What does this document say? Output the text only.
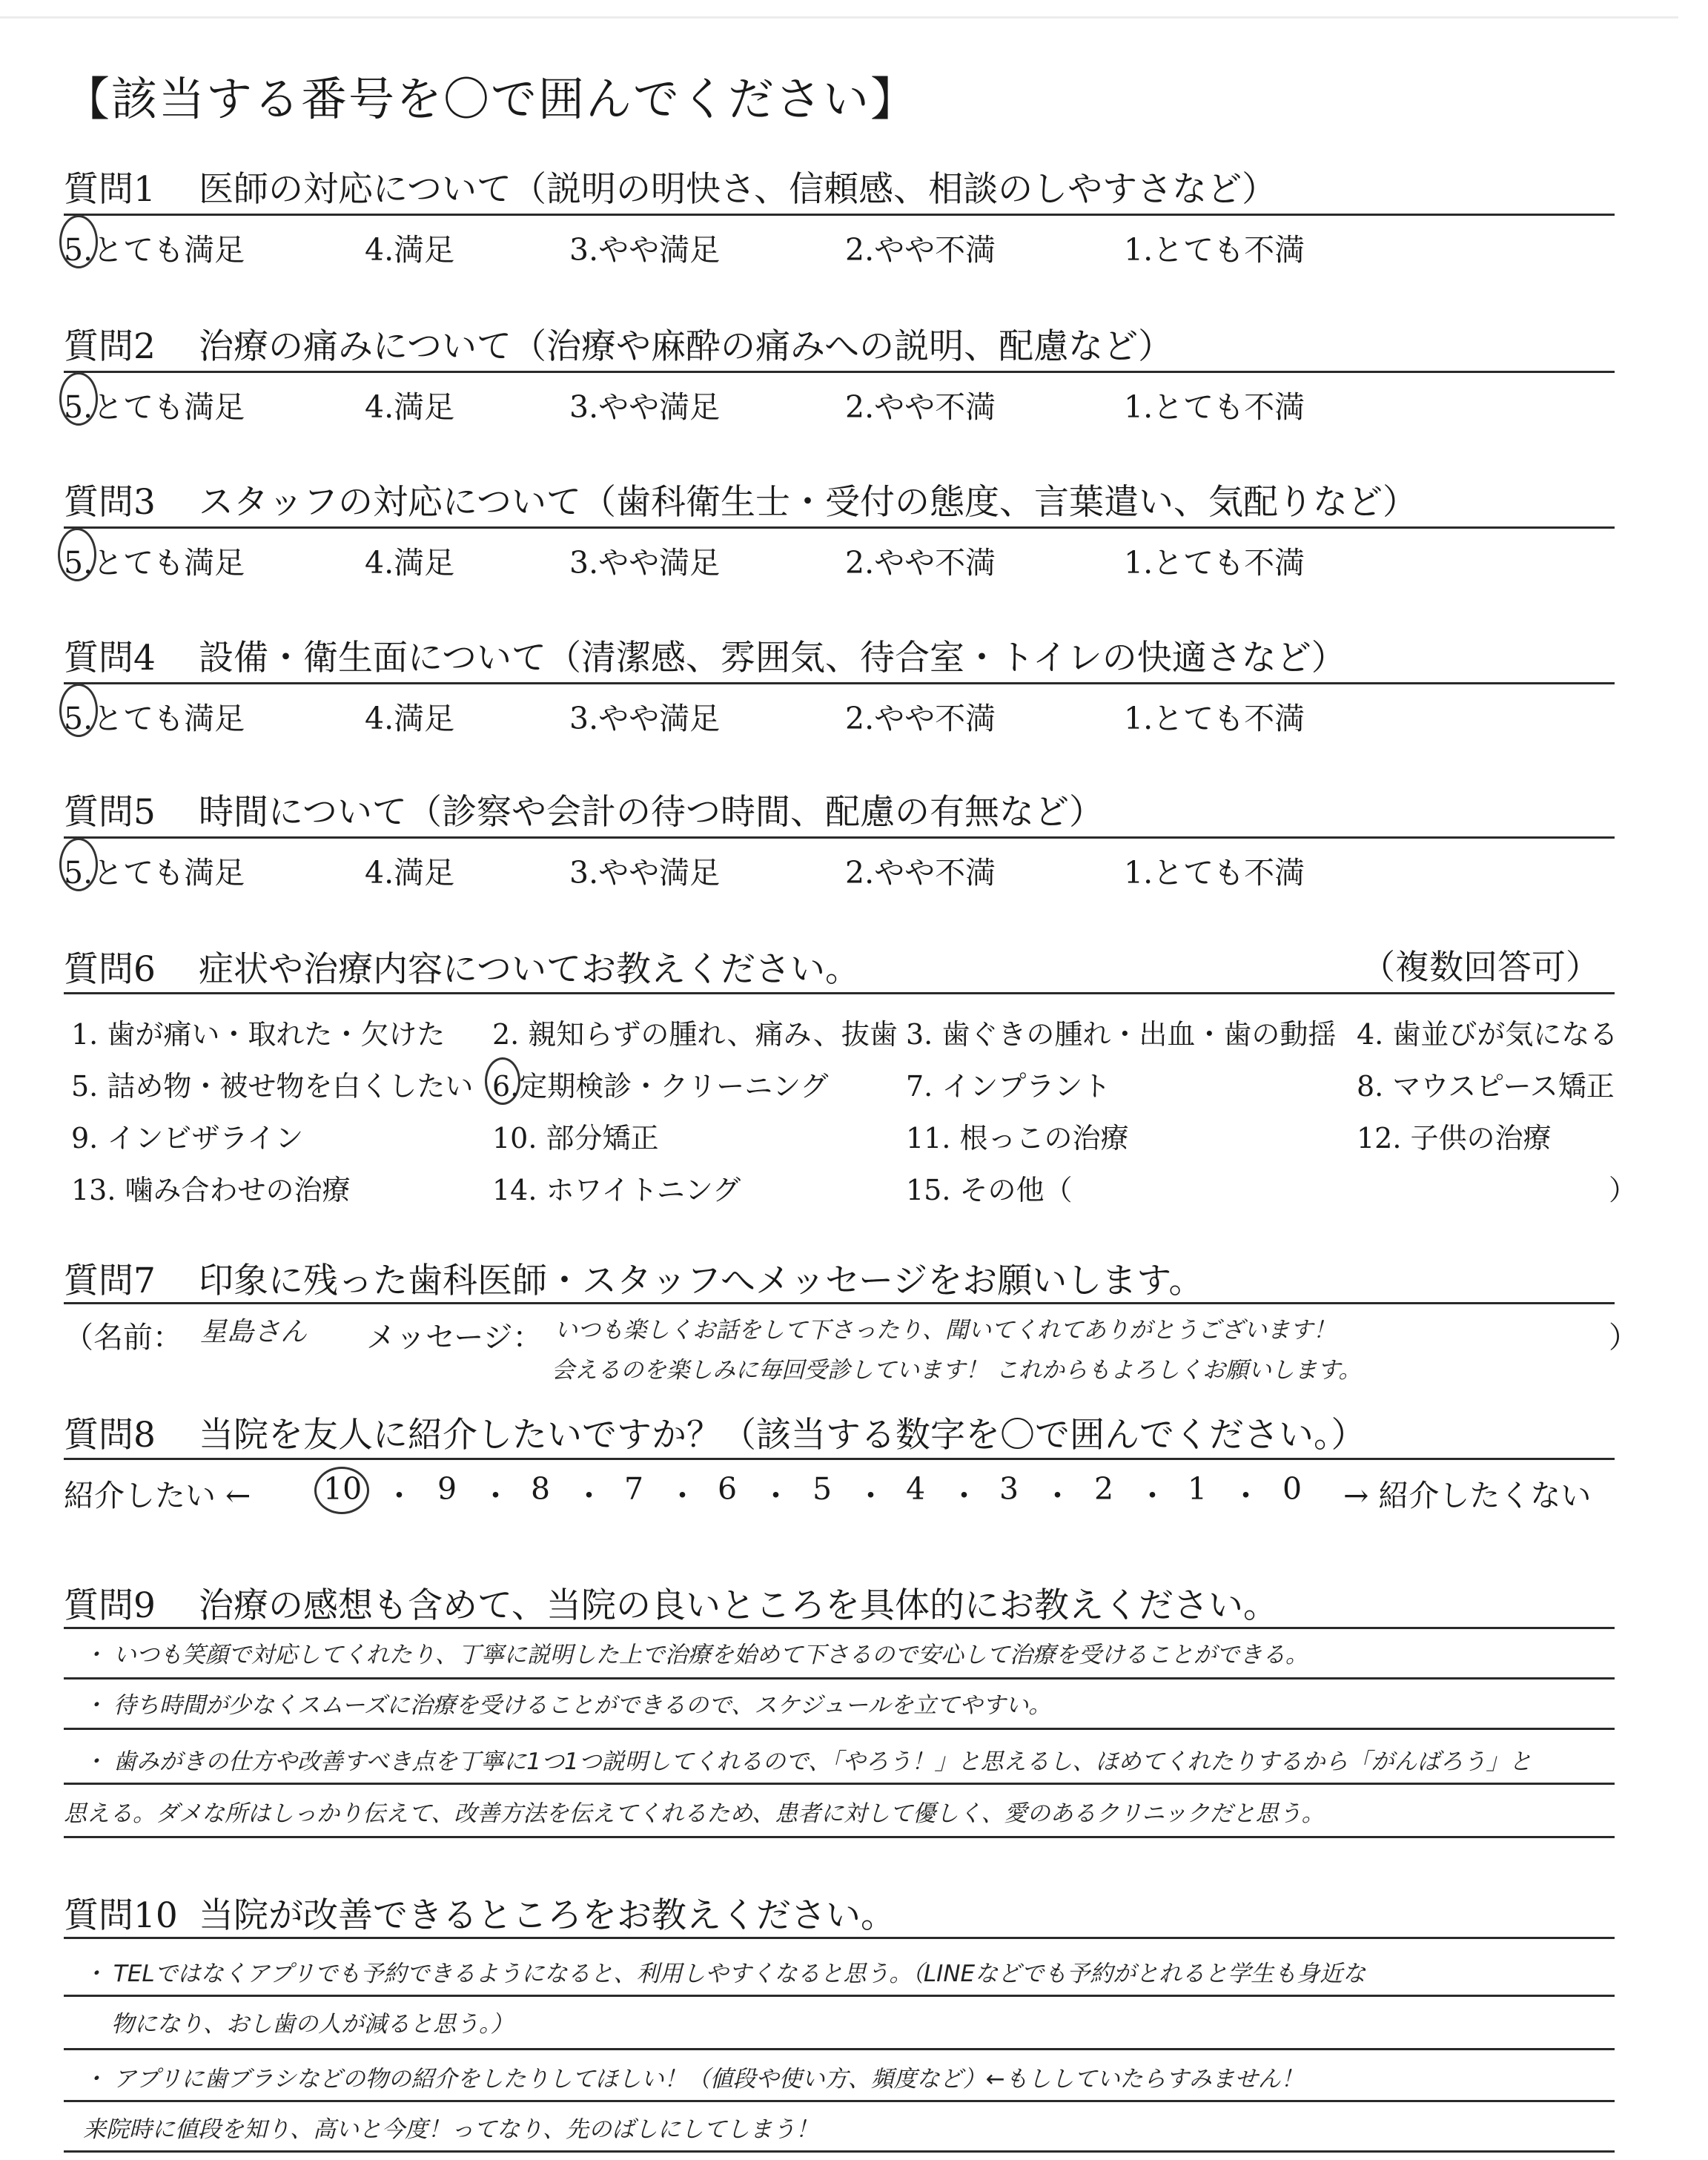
【該当する番号を〇で囲んでください】
質問1 医師の対応について（説明の明快さ、信頼感、相談のしやすさなど）
5.とても満足	4.満足	3.やや満足	2.やや不満	1.とても不満
質問2 治療の痛みについて（治療や麻酔の痛みへの説明、配慮など）
5.とても満足	4.満足	3.やや満足	2.やや不満	1.とても不満
質問3 スタッフの対応について（歯科衛生士・受付の態度、言葉遣い、気配りなど）
5.とても満足	4.満足	3.やや満足	2.やや不満	1.とても不満
質問4 設備・衛生面について（清潔感、雰囲気、待合室・トイレの快適さなど）
5.とても満足	4.満足	3.やや満足	2.やや不満	1.とても不満
質問5 時間について（診察や会計の待つ時間、配慮の有無など）
5.とても満足	4.満足	3.やや満足	2.やや不満	1.とても不満
質問6 症状や治療内容についてお教えください。	（複数回答可）
1. 歯が痛い・取れた・欠けた 2. 親知らずの腫れ、痛み、抜歯 3. 歯ぐきの腫れ・出血・歯の動揺 4. 歯並びが気になる
5. 詰め物・被せ物を白くしたい 6.定期検診・クリーニング	7. インプラント	8. マウスピース矯正
9. インビザライン	10. 部分矯正	11. 根っこの治療	12. 子供の治療
13. 噛み合わせの治療	14. ホワイトニング	15. その他（	）
質問7 印象に残った歯科医師・スタッフへメッセージをお願いします。
（名前： 星島さん メッセージ： いつも楽しくお話をして下さったり、聞いてくれてありがとうございます！
会えるのを楽しみに毎回受診しています！ これからもよろしくお願いします。
）
質問8 当院を友人に紹介したいですか？（該当する数字を〇で囲んでください。）
紹介したい ← 10 ・ 9 ・ 8 ・ 7 ・ 6 ・ 5 ・ 4 ・ 3 ・ 2 ・ 1 ・ 0 → 紹介したくない
質問9 治療の感想も含めて、当院の良いところを具体的にお教えください。
・ いつも笑顔で対応してくれたり、丁寧に説明した上で治療を始めて下さるので安心して治療を受けることができる。
・ 待ち時間が少なくスムーズに治療を受けることができるので、スケジュールを立てやすい。
・ 歯みがきの仕方や改善すべき点を丁寧に1つ1つ説明してくれるので、「やろう！」と思えるし、ほめてくれたりするから「がんばろう」と
思える。ダメな所はしっかり伝えて、改善方法を伝えてくれるため、患者に対して優しく、愛のあるクリニックだと思う。
質問10 当院が改善できるところをお教えください。
・ TELではなくアプリでも予約できるようになると、利用しやすくなると思う。（LINEなどでも予約がとれると学生も身近な
物になり、おし歯の人が減ると思う。）
・ アプリに歯ブラシなどの物の紹介をしたりしてほしい！（値段や使い方、頻度など）←もししていたらすみません！
来院時に値段を知り、高いと今度！ってなり、先のばしにしてしまう！
